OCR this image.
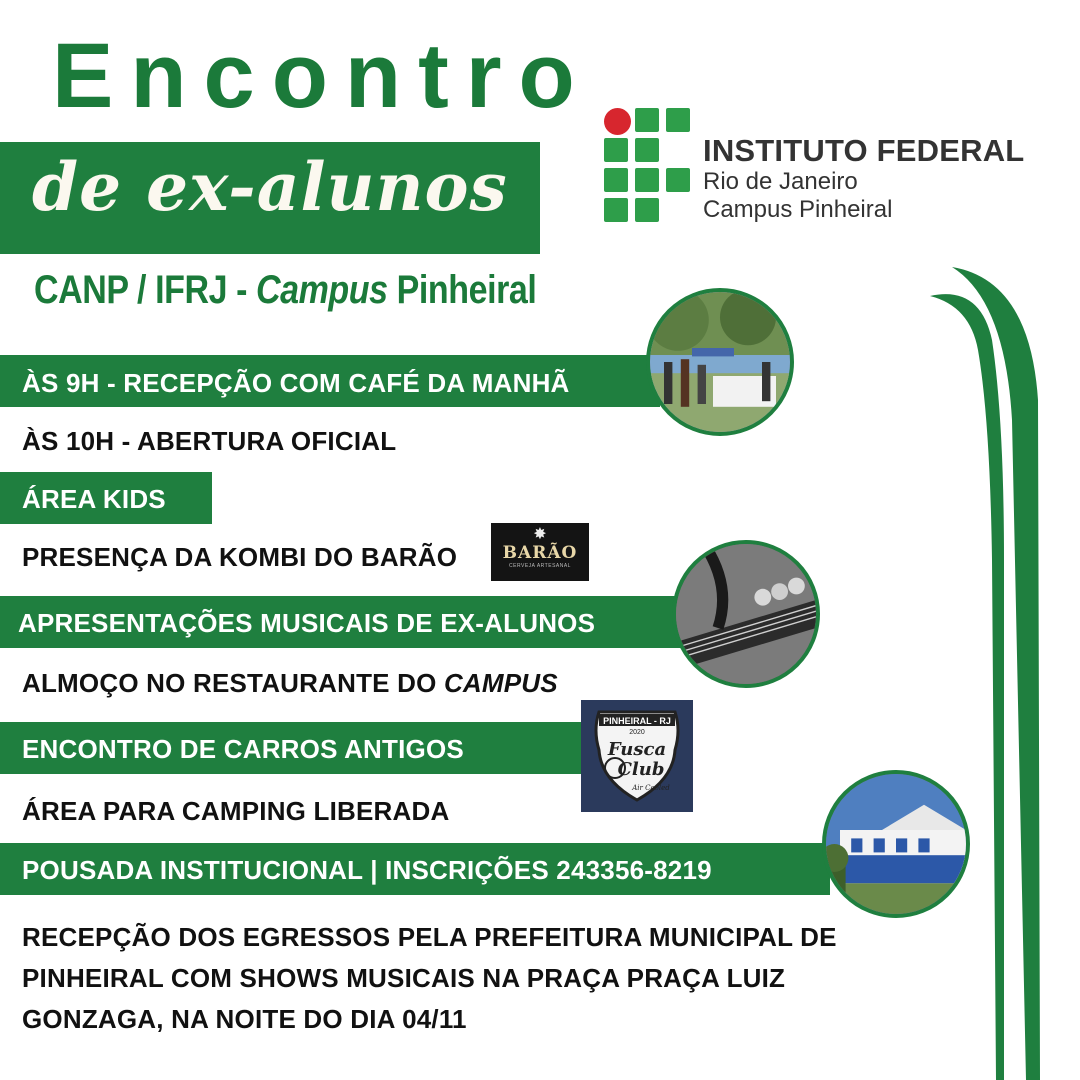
Encontro
de ex-alunos

CANP / IFRJ - Campus Pinheiral

INSTITUTO FEDERAL
Rio de Janeiro
Campus Pinheiral
ÀS 9H - RECEPÇÃO COM CAFÉ DA MANHÃ
ÀS 10H - ABERTURA OFICIAL
ÁREA KIDS
PRESENÇA DA KOMBI DO BARÃO
APRESENTAÇÕES MUSICAIS DE EX-ALUNOS
ALMOÇO NO RESTAURANTE DO CAMPUS
ENCONTRO DE CARROS ANTIGOS
ÁREA PARA CAMPING LIBERADA
POUSADA INSTITUCIONAL | INSCRIÇÕES 243356-8219

RECEPÇÃO DOS EGRESSOS PELA PREFEITURA MUNICIPAL DE PINHEIRAL COM SHOWS MUSICAIS NA PRAÇA PRAÇA LUIZ GONZAGA, NA NOITE DO DIA 04/11

✸
BARÃO
CERVEJA ARTESANAL
PINHEIRAL - RJ
2020
Fusca
Club
Air Cooled
